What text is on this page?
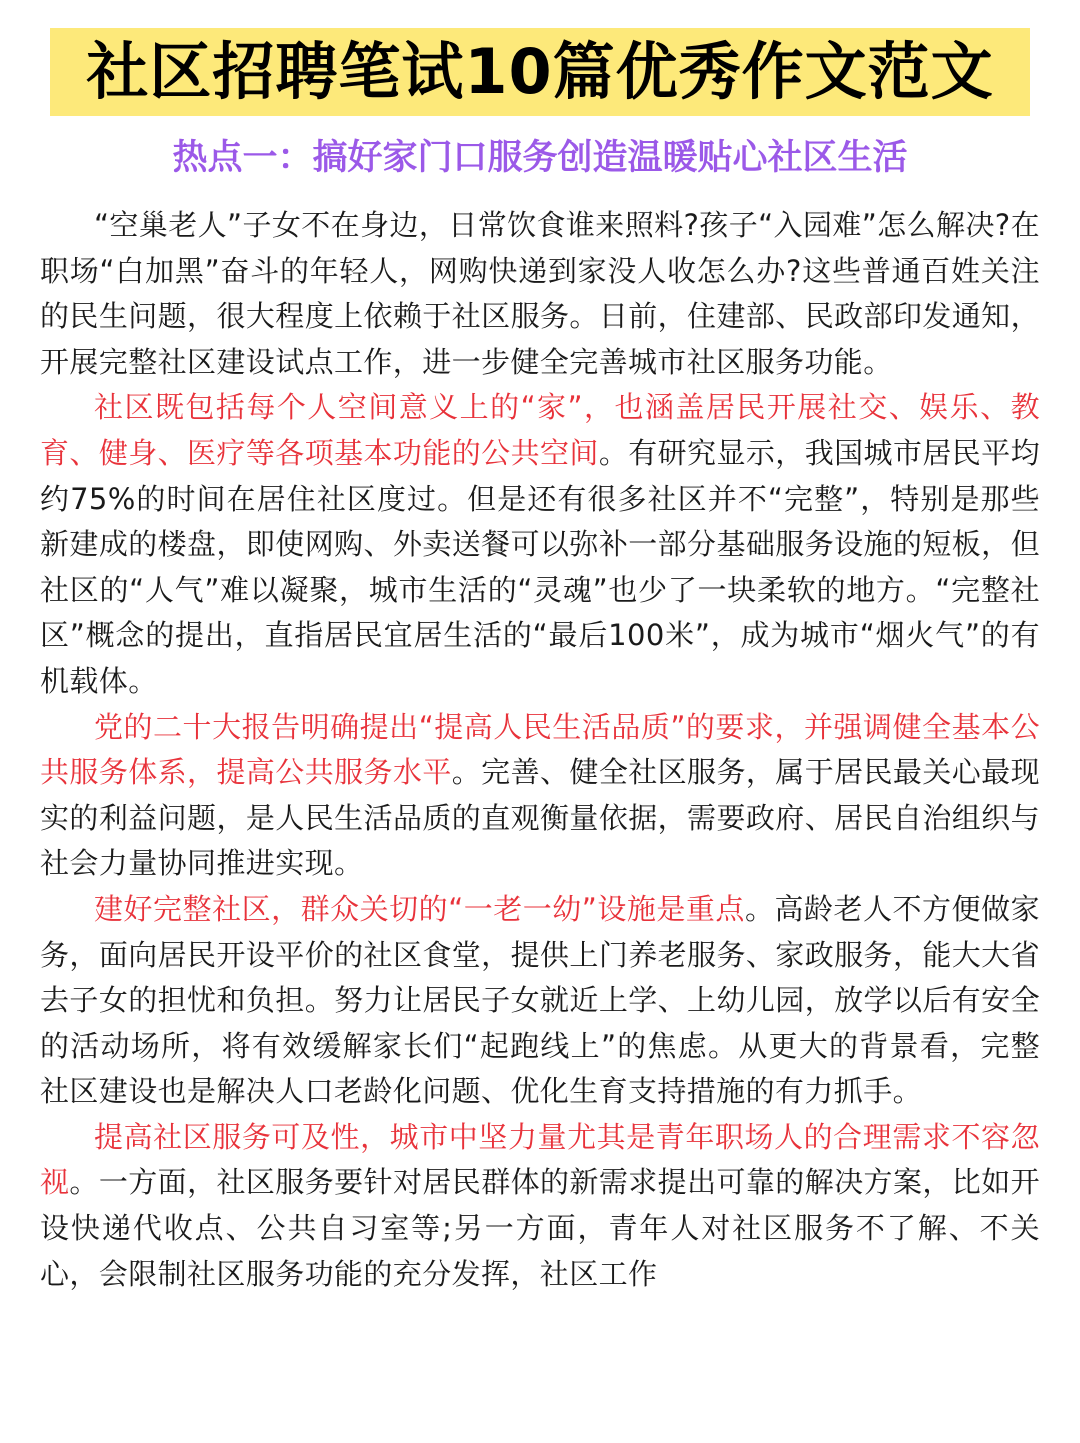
社区招聘笔试10篇优秀作文范文
热点一：搞好家门口服务创造温暖贴心社区生活

“空巢老人”子女不在身边，日常饮食谁来照料?孩子“入园难”怎么解决?在职场“白加黑”奋斗的年轻人，网购快递到家没人收怎么办?这些普通百姓关注的民生问题，很大程度上依赖于社区服务。日前，住建部、民政部印发通知，开展完整社区建设试点工作，进一步健全完善城市社区服务功能。

社区既包括每个人空间意义上的“家”，也涵盖居民开展社交、娱乐、教育、健身、医疗等各项基本功能的公共空间。有研究显示，我国城市居民平均约75%的时间在居住社区度过。但是还有很多社区并不“完整”，特别是那些新建成的楼盘，即使网购、外卖送餐可以弥补一部分基础服务设施的短板，但社区的“人气”难以凝聚，城市生活的“灵魂”也少了一块柔软的地方。“完整社区”概念的提出，直指居民宜居生活的“最后100米”，成为城市“烟火气”的有机载体。

党的二十大报告明确提出“提高人民生活品质”的要求，并强调健全基本公共服务体系，提高公共服务水平。完善、健全社区服务，属于居民最关心最现实的利益问题，是人民生活品质的直观衡量依据，需要政府、居民自治组织与社会力量协同推进实现。

建好完整社区，群众关切的“一老一幼”设施是重点。高龄老人不方便做家务，面向居民开设平价的社区食堂，提供上门养老服务、家政服务，能大大省去子女的担忧和负担。努力让居民子女就近上学、上幼儿园，放学以后有安全的活动场所，将有效缓解家长们“起跑线上”的焦虑。从更大的背景看，完整社区建设也是解决人口老龄化问题、优化生育支持措施的有力抓手。

提高社区服务可及性，城市中坚力量尤其是青年职场人的合理需求不容忽视。一方面，社区服务要针对居民群体的新需求提出可靠的解决方案，比如开设快递代收点、公共自习室等;另一方面，青年人对社区服务不了解、不关心，会限制社区服务功能的充分发挥，社区工作
